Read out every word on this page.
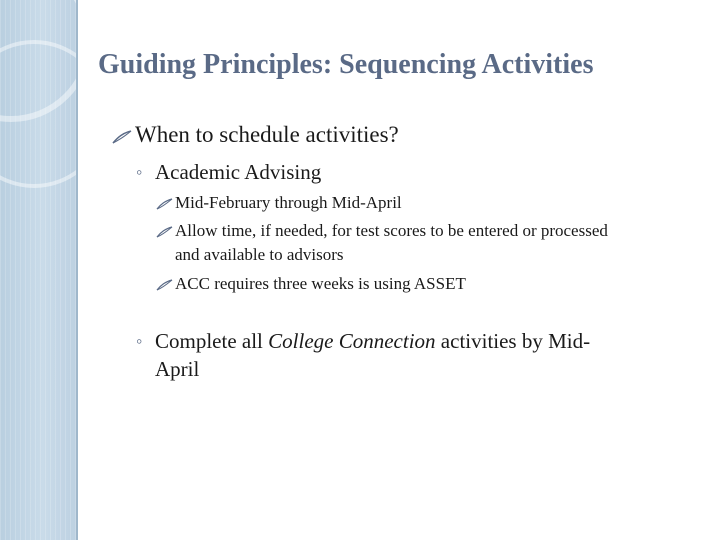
Guiding Principles: Sequencing Activities
When to schedule activities?
◦ Academic Advising
Mid-February through Mid-April
Allow time, if needed, for test scores to be entered or processed
and available to advisors
ACC requires three weeks is using ASSET
◦ Complete all College Connection activities by Mid-
April
